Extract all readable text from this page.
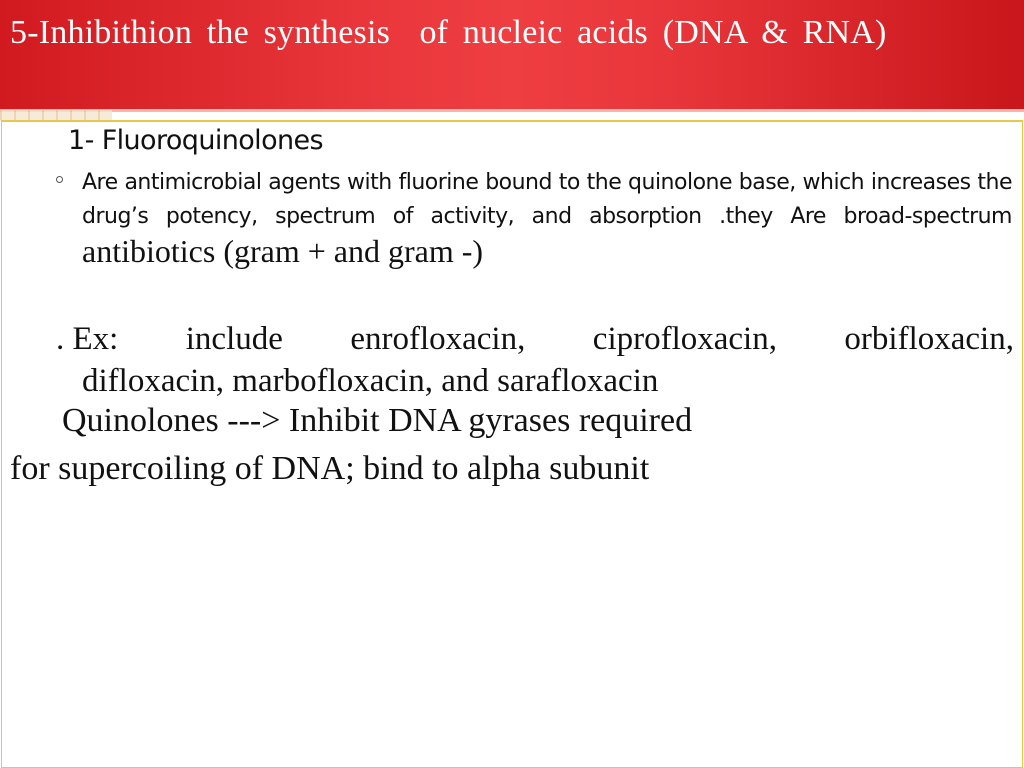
5-Inhibithion the synthesis  of nucleic acids (DNA & RNA)
1- Fluoroquinolones
Are antimicrobial agents with fluorine bound to the quinolone base, which increases the drug’s potency, spectrum of activity, and absorption .they Are broad-spectrum antibiotics (gram + and gram -)
. Ex: include enrofloxacin, ciprofloxacin, orbifloxacin,
difloxacin, marbofloxacin, and sarafloxacin
Quinolones ---> Inhibit DNA gyrases required
for supercoiling of DNA; bind to alpha subunit
